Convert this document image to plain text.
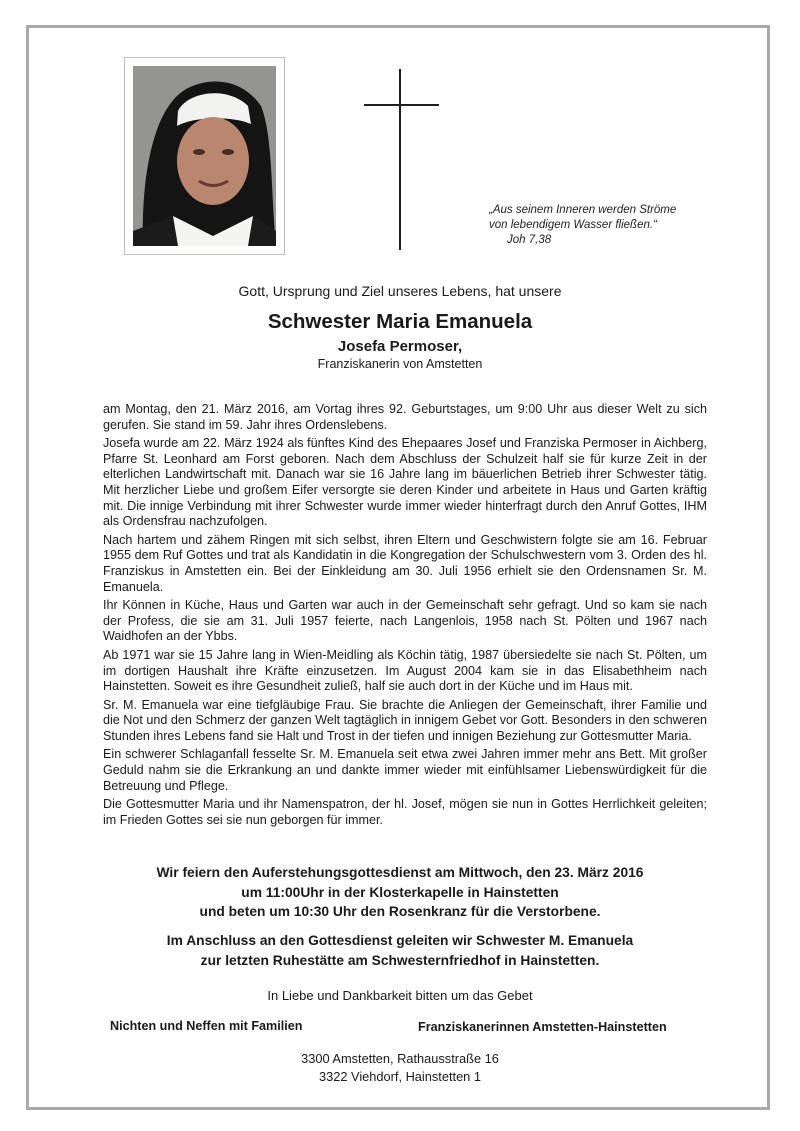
„Aus seinem Inneren werden Ströme
von lebendigem Wasser fließen.“

Joh 7,38
Gott, Ursprung und Ziel unseres Lebens, hat unsere
Schwester Maria Emanuela
Josefa Permoser,
Franziskanerin von Amstetten

am Montag, den 21. März 2016, am Vortag ihres 92. Geburtstages, um 9:00 Uhr aus dieser Welt zu sich gerufen. Sie stand im 59. Jahr ihres Ordenslebens.

Josefa wurde am 22. März 1924 als fünftes Kind des Ehepaares Josef und Franziska Permoser in Aichberg, Pfarre St. Leonhard am Forst geboren. Nach dem Abschluss der Schulzeit half sie für kurze Zeit in der elterlichen Landwirtschaft mit. Danach war sie 16 Jahre lang im bäuerlichen Betrieb ihrer Schwester tätig. Mit herzlicher Liebe und großem Eifer versorgte sie deren Kinder und arbeitete in Haus und Garten kräftig mit. Die innige Verbindung mit ihrer Schwester wurde immer wieder hinterfragt durch den Anruf Gottes, IHM als Ordensfrau nachzufolgen.

Nach hartem und zähem Ringen mit sich selbst, ihren Eltern und Geschwistern folgte sie am 16. Februar 1955 dem Ruf Gottes und trat als Kandidatin in die Kongregation der Schulschwestern vom 3. Orden des hl. Franziskus in Amstetten ein. Bei der Einkleidung am 30. Juli 1956 erhielt sie den Ordensnamen Sr. M. Emanuela.

Ihr Können in Küche, Haus und Garten war auch in der Gemeinschaft sehr gefragt. Und so kam sie nach der Profess, die sie am 31. Juli 1957 feierte, nach Langenlois, 1958 nach St. Pölten und 1967 nach Waidhofen an der Ybbs.

Ab 1971 war sie 15 Jahre lang in Wien-Meidling als Köchin tätig, 1987 übersiedelte sie nach St. Pölten, um im dortigen Haushalt ihre Kräfte einzusetzen. Im August 2004 kam sie in das Elisabethheim nach Hainstetten. Soweit es ihre Gesundheit zuließ, half sie auch dort in der Küche und im Haus mit.

Sr. M. Emanuela war eine tiefgläubige Frau. Sie brachte die Anliegen der Gemeinschaft, ihrer Familie und die Not und den Schmerz der ganzen Welt tagtäglich in innigem Gebet vor Gott. Besonders in den schweren Stunden ihres Lebens fand sie Halt und Trost in der tiefen und innigen Beziehung zur Gottesmutter Maria.

Ein schwerer Schlaganfall fesselte Sr. M. Emanuela seit etwa zwei Jahren immer mehr ans Bett. Mit großer Geduld nahm sie die Erkrankung an und dankte immer wieder mit einfühlsamer Liebenswürdigkeit für die Betreuung und Pflege.

Die Gottesmutter Maria und ihr Namenspatron, der hl. Josef, mögen sie nun in Gottes Herrlichkeit geleiten; im Frieden Gottes sei sie nun geborgen für immer.

Wir feiern den Auferstehungsgottesdienst am Mittwoch, den 23. März 2016
um 11:00Uhr in der Klosterkapelle in Hainstetten
und beten um 10:30 Uhr den Rosenkranz für die Verstorbene.
Im Anschluss an den Gottesdienst geleiten wir Schwester M. Emanuela
zur letzten Ruhestätte am Schwesternfriedhof in Hainstetten.
In Liebe und Dankbarkeit bitten um das Gebet
Nichten und Neffen mit Familien	Franziskanerinnen Amstetten-Hainstetten
3300 Amstetten, Rathausstraße 16
3322 Viehdorf, Hainstetten 1
